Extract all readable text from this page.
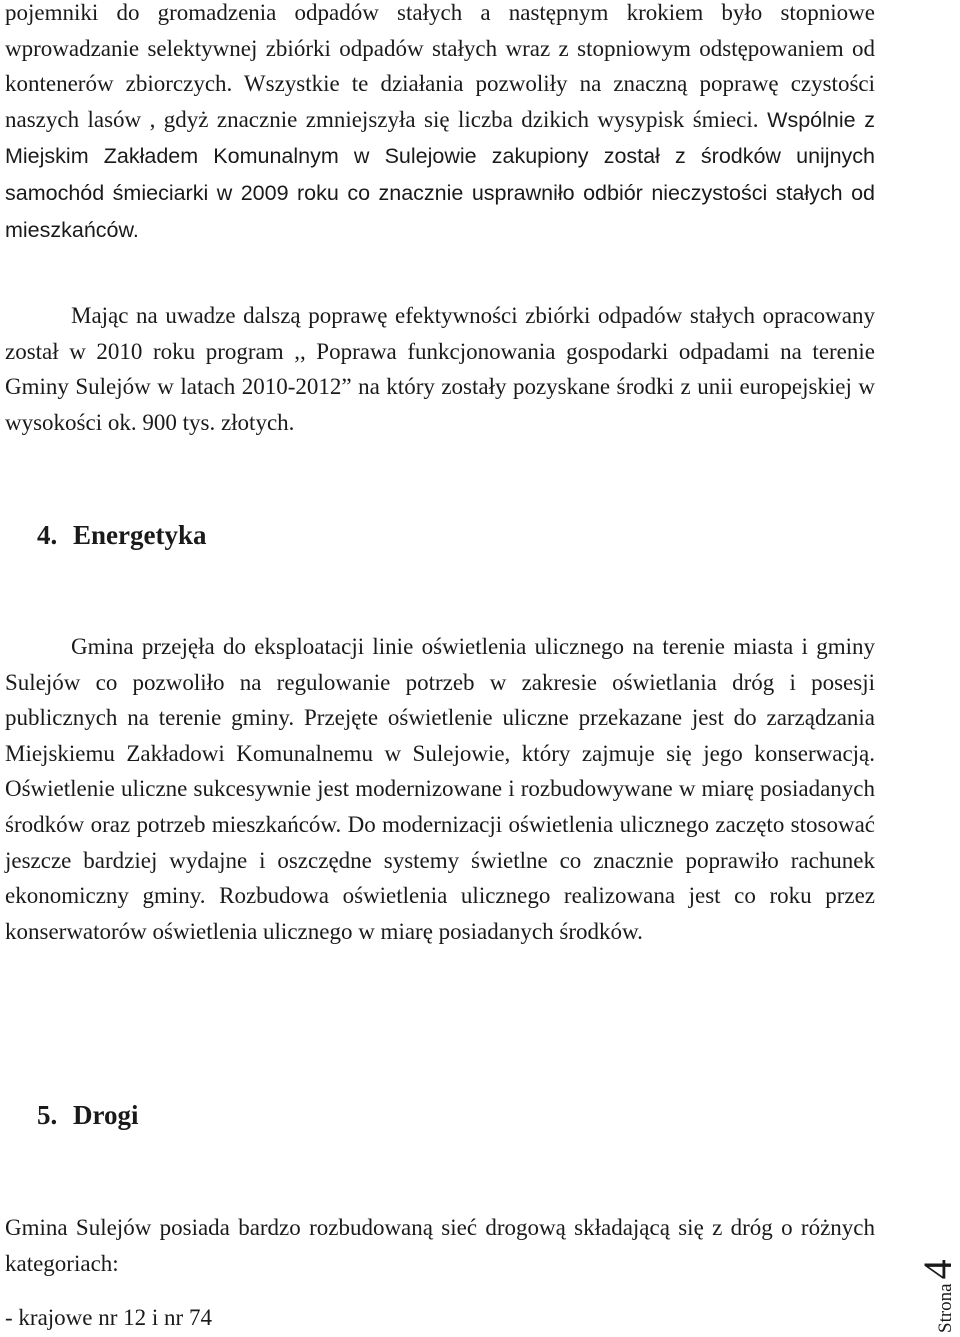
pojemniki do gromadzenia odpadów stałych a następnym krokiem było stopniowe wprowadzanie selektywnej zbiórki odpadów stałych wraz z stopniowym odstępowaniem od kontenerów zbiorczych. Wszystkie te działania pozwoliły na znaczną poprawę czystości naszych lasów , gdyż znacznie zmniejszyła się liczba dzikich wysypisk śmieci. Wspólnie z Miejskim Zakładem Komunalnym w Sulejowie zakupiony został z środków unijnych samochód śmieciarki w 2009 roku co znacznie usprawniło odbiór nieczystości stałych od mieszkańców.

Mając na uwadze dalszą poprawę efektywności zbiórki odpadów stałych opracowany został w 2010 roku program ,, Poprawa funkcjonowania gospodarki odpadami na terenie Gminy Sulejów w latach 2010-2012” na który zostały pozyskane środki z unii europejskiej w wysokości ok. 900 tys. złotych.

4. Energetyka

Gmina przejęła do eksploatacji linie oświetlenia ulicznego na terenie miasta i gminy Sulejów co pozwoliło na regulowanie potrzeb w zakresie oświetlania dróg i posesji publicznych na terenie gminy. Przejęte oświetlenie uliczne przekazane jest do zarządzania Miejskiemu Zakładowi Komunalnemu w Sulejowie, który zajmuje się jego konserwacją. Oświetlenie uliczne sukcesywnie jest modernizowane i rozbudowywane w miarę posiadanych środków oraz potrzeb mieszkańców. Do modernizacji oświetlenia ulicznego zaczęto stosować jeszcze bardziej wydajne i oszczędne systemy świetlne co znacznie poprawiło rachunek ekonomiczny gminy. Rozbudowa oświetlenia ulicznego realizowana jest co roku przez konserwatorów oświetlenia ulicznego w miarę posiadanych środków.

5. Drogi

Gmina Sulejów posiada bardzo rozbudowaną sieć drogową składającą się z dróg o różnych kategoriach:

- krajowe nr 12 i nr 74	Strona
4
